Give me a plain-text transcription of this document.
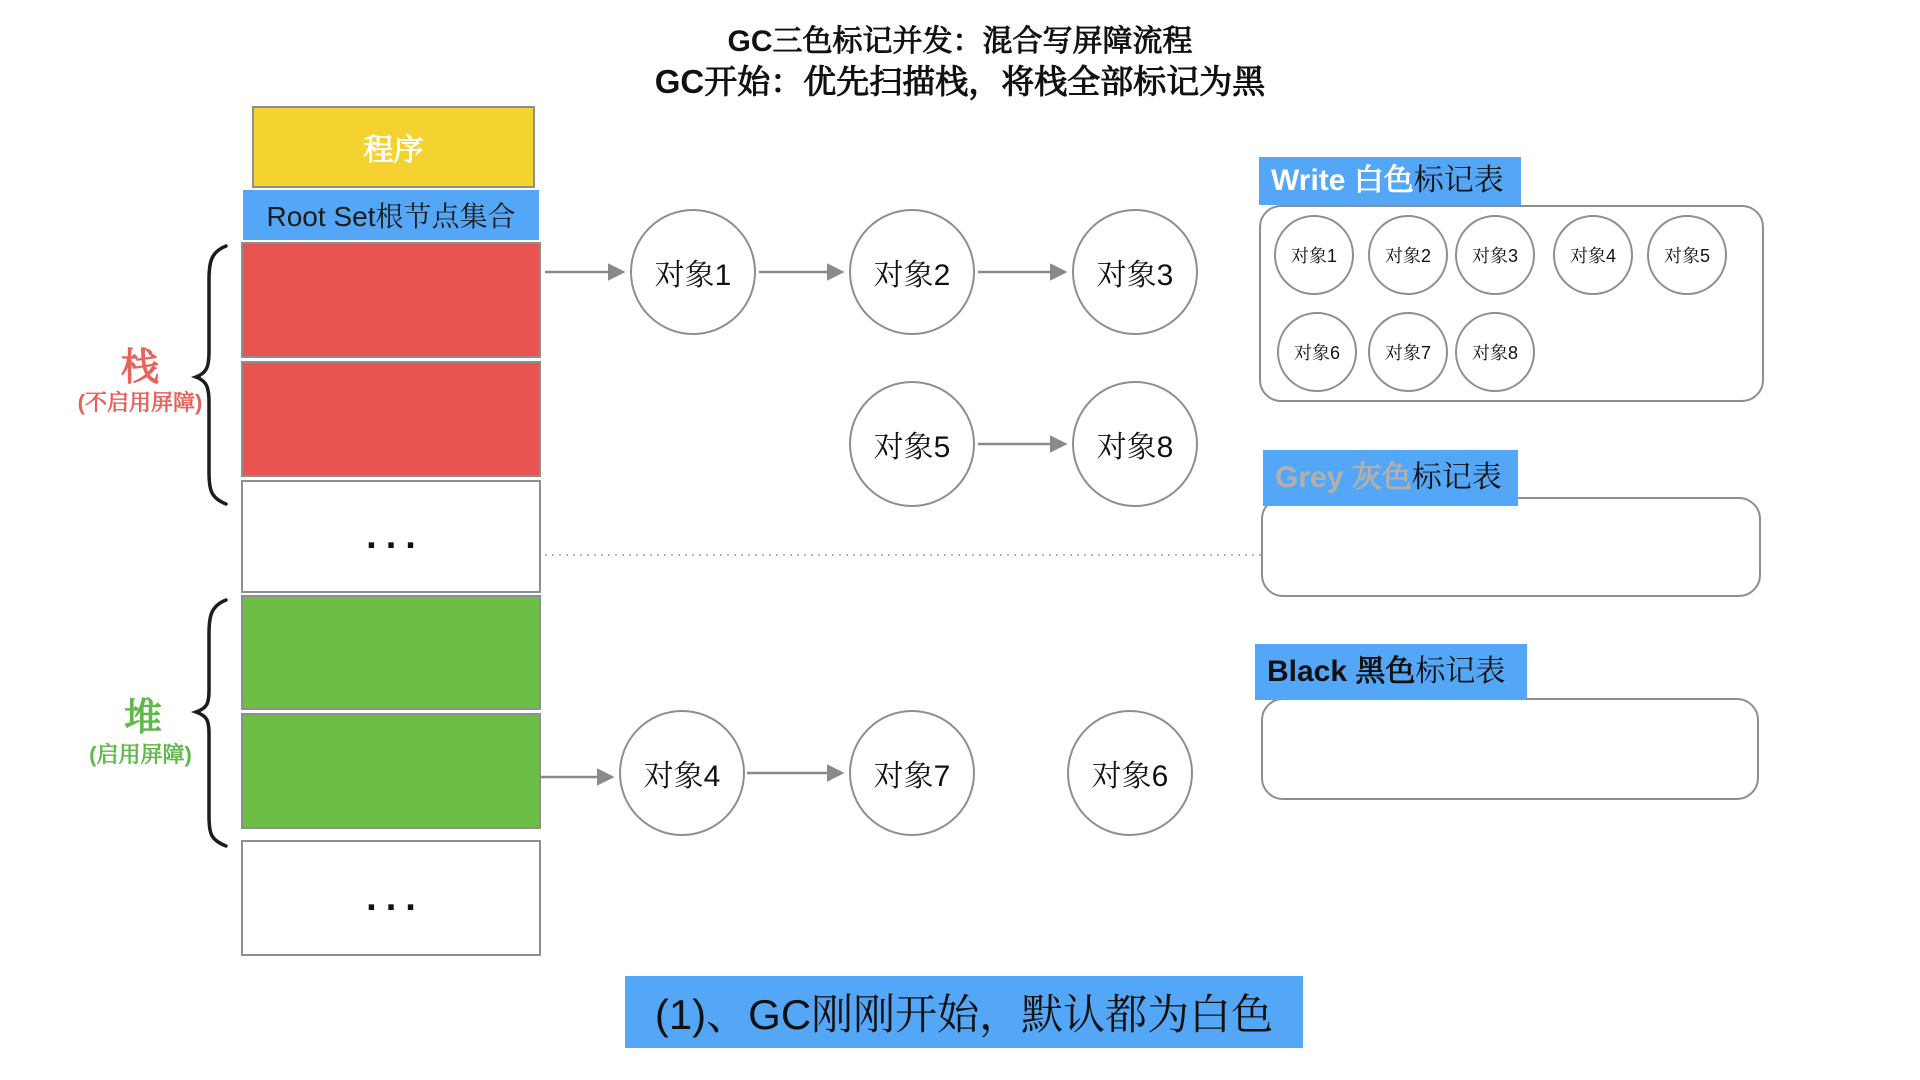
GC三色标记并发：混合写屏障流程
GC开始：优先扫描栈，将栈全部标记为黑
程序
Root Set根节点集合
...
...
栈
(不启用屏障)
堆
(启用屏障)
对象1	对象2	对象3
对象5	对象8
对象4	对象7	对象6
Write 白色标记表
对象1	对象2	对象3	对象4	对象5
对象6	对象7	对象8
Grey 灰色标记表
Black 黑色标记表
(1)、GC刚刚开始，默认都为白色
